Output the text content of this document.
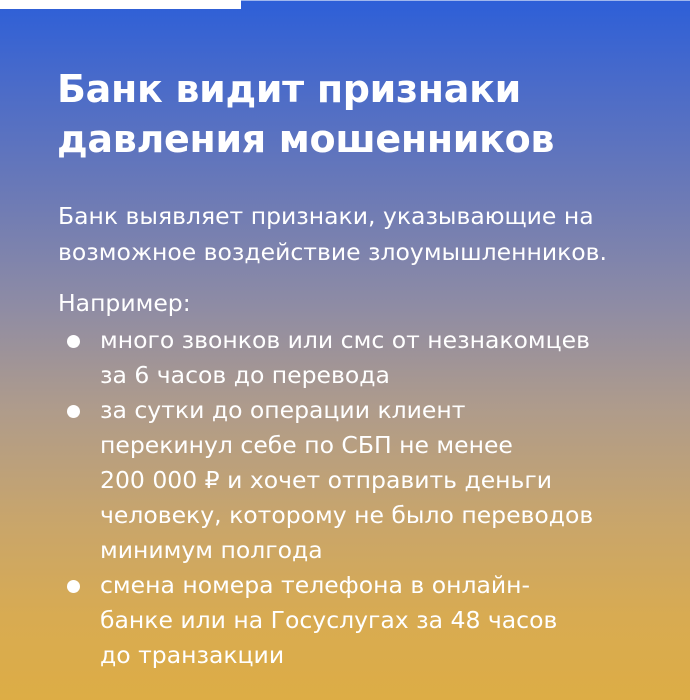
Банк видит признаки
давления мошенников

Банк выявляет признаки, указывающие на
возможное воздействие злоумышленников.

Например:

много звонков или смс от незнакомцев
за 6 часов до перевода
за сутки до операции клиент
перекинул себе по СБП не менее
200 000 ₽ и хочет отправить деньги
человеку, которому не было переводов
минимум полгода
смена номера телефона в онлайн-
банке или на Госуслугах за 48 часов
до транзакции
